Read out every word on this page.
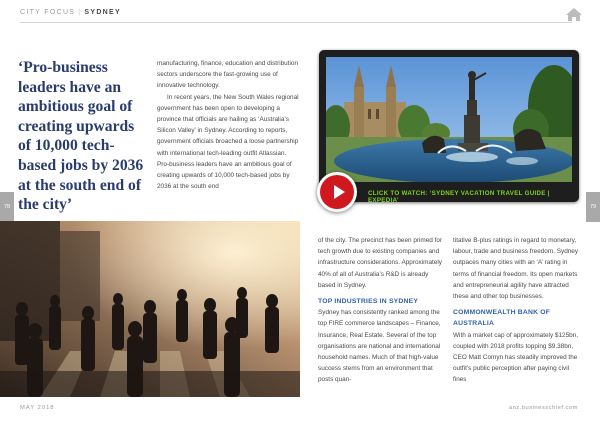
CITY FOCUS | SYDNEY
‘Pro-business leaders have an ambitious goal of creating upwards of 10,000 tech-based jobs by 2036 at the south end of the city’

manufacturing, finance, education and distribution sectors underscore the fast-growing use of innovative technology.

In recent years, the New South Wales regional government has been open to developing a province that officials are hailing as ‘Australia’s Silicon Valley’ in Sydney. According to reports, government officials broached a loose partnership with international tech-leading outfit Atlassian. Pro-business leaders have an ambitious goal of creating upwards of 10,000 tech-based jobs by 2036 at the south end

CLICK TO WATCH: ‘SYDNEY VACATION TRAVEL GUIDE | EXPEDIA’
78	79

of the city. The precinct has been primed for tech growth due to existing companies and infrastructure considerations. Approximately 40% of all of Australia’s R&D is already based in Sydney.

TOP INDUSTRIES IN SYDNEY

Sydney has consistently ranked among the top FIRE commerce landscapes – Finance, Insurance, Real Estate. Several of the top organisations are national and international household names. Much of that high-value success stems from an environment that posts quan-

titative B-plus ratings in regard to monetary, labour, trade and business freedom. Sydney outpaces many cities with an ‘A’ rating in terms of financial freedom. Its open markets and entrepreneurial agility have attracted these and other top businesses.

COMMONWEALTH BANK OF AUSTRALIA

With a market cap of approximately $125bn, coupled with 2018 profits topping $9.38bn, CEO Matt Comyn has steadily improved the outfit’s public perception after paying civil fines

MAY 2018	anz.businesschief.com
